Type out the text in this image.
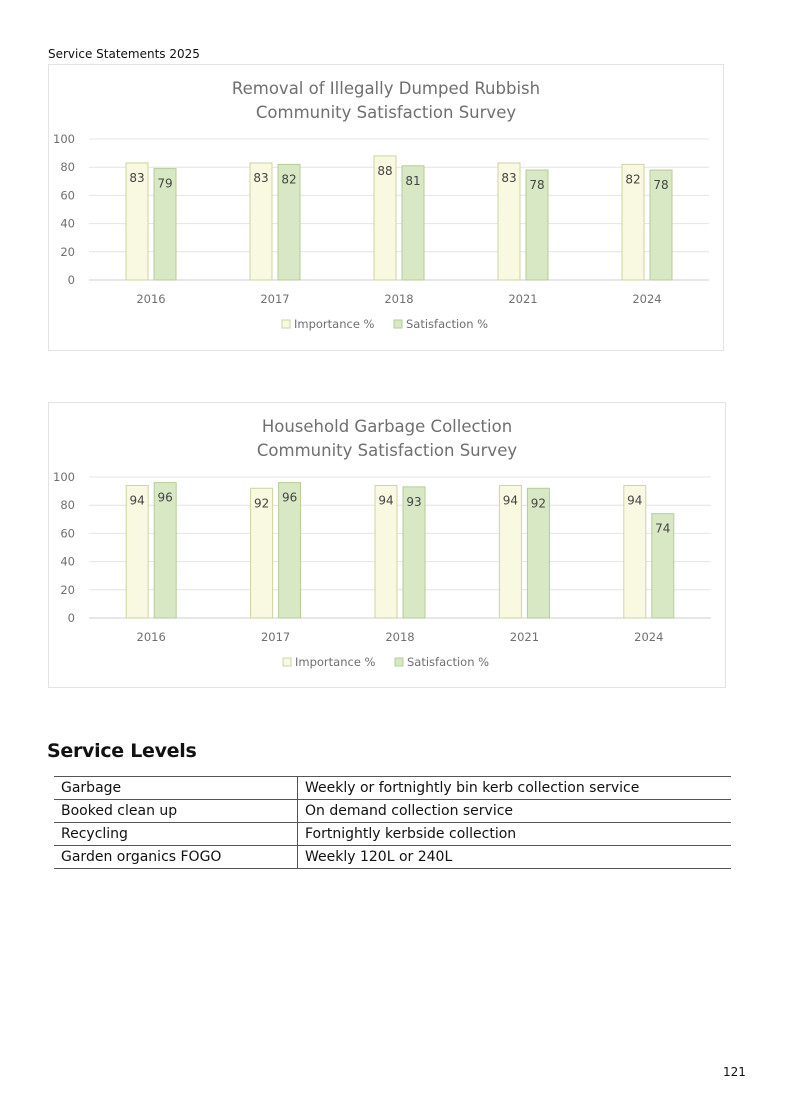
Service Statements 2025
Removal of Illegally Dumped Rubbish
Community Satisfaction Survey
0
20
40
60
80
100
83 79
2016
83 82
2017
88
81
2018
83
78
2021
82 78
2024
Importance %	Satisfaction %
Household Garbage Collection
Community Satisfaction Survey
0
20
40
60
80
100
94 96
2016
92 96
2017
94 93
2018
94 92
2021
94
74
2024
Importance %	Satisfaction %
Service Levels
Garbage	Weekly or fortnightly bin kerb collection service
Booked clean up	On demand collection service
Recycling	Fortnightly kerbside collection
Garden organics FOGO	Weekly 120L or 240L
121
